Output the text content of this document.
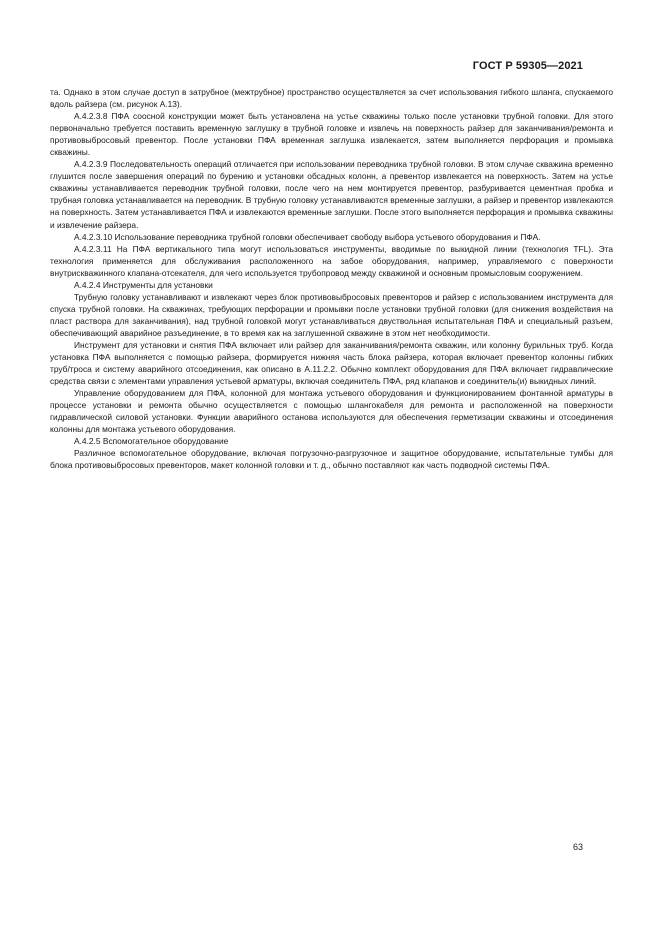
ГОСТ Р 59305—2021

та. Однако в этом случае доступ в затрубное (межтрубное) пространство осуществляется за счет использования гибкого шланга, спускаемого вдоль райзера (см. рисунок А.13).

А.4.2.3.8 ПФА соосной конструкции может быть установлена на устье скважины только после установки трубной головки. Для этого первоначально требуется поставить временную заглушку в трубной головке и извлечь на поверхность райзер для заканчивания/ремонта и противовыбросовый превентор. После установки ПФА временная заглушка извлекается, затем выполняется перфорация и промывка скважины.

А.4.2.3.9 Последовательность операций отличается при использовании переводника трубной головки. В этом случае скважина временно глушится после завершения операций по бурению и установки обсадных колонн, а превентор извлекается на поверхность. Затем на устье скважины устанавливается переводник трубной головки, после чего на нем монтируется превентор, разбуривается цементная пробка и трубная головка устанавливается на переводник. В трубную головку устанавливаются временные заглушки, а райзер и превентор извлекаются на поверхность. Затем устанавливается ПФА и извлекаются временные заглушки. После этого выполняется перфорация и промывка скважины и извлечение райзера.

А.4.2.3.10 Использование переводника трубной головки обеспечивает свободу выбора устьевого оборудования и ПФА.

А.4.2.3.11 На ПФА вертикального типа могут использоваться инструменты, вводимые по выкидной линии (технология TFL). Эта технология применяется для обслуживания расположенного на забое оборудования, например, управляемого с поверхности внутрискважинного клапана-отсекателя, для чего используется трубопровод между скважиной и основным промысловым сооружением.

А.4.2.4 Инструменты для установки

Трубную головку устанавливают и извлекают через блок противовыбросовых превенторов и райзер с использованием инструмента для спуска трубной головки. На скважинах, требующих перфорации и промывки после установки трубной головки (для снижения воздействия на пласт раствора для заканчивания), над трубной головкой могут устанавливаться двуствольная испытательная ПФА и специальный разъем, обеспечивающий аварийное разъединение, в то время как на заглушенной скважине в этом нет необходимости.

Инструмент для установки и снятия ПФА включает или райзер для заканчивания/ремонта скважин, или колонну бурильных труб. Когда установка ПФА выполняется с помощью райзера, формируется нижняя часть блока райзера, которая включает превентор колонны гибких труб/троса и систему аварийного отсоединения, как описано в А.11.2.2. Обычно комплект оборудования для ПФА включает гидравлические средства связи с элементами управления устьевой арматуры, включая соединитель ПФА, ряд клапанов и соединитель(и) выкидных линий.

Управление оборудованием для ПФА, колонной для монтажа устьевого оборудования и функционированием фонтанной арматуры в процессе установки и ремонта обычно осуществляется с помощью шлангокабеля для ремонта и расположенной на поверхности гидравлической силовой установки. Функции аварийного останова используются для обеспечения герметизации скважины и отсоединения колонны для монтажа устьевого оборудования.

А.4.2.5 Вспомогательное оборудование

Различное вспомогательное оборудование, включая погрузочно-разгрузочное и защитное оборудование, испытательные тумбы для блока противовыбросовых превенторов, макет колонной головки и т. д., обычно поставляют как часть подводной системы ПФА.

63
